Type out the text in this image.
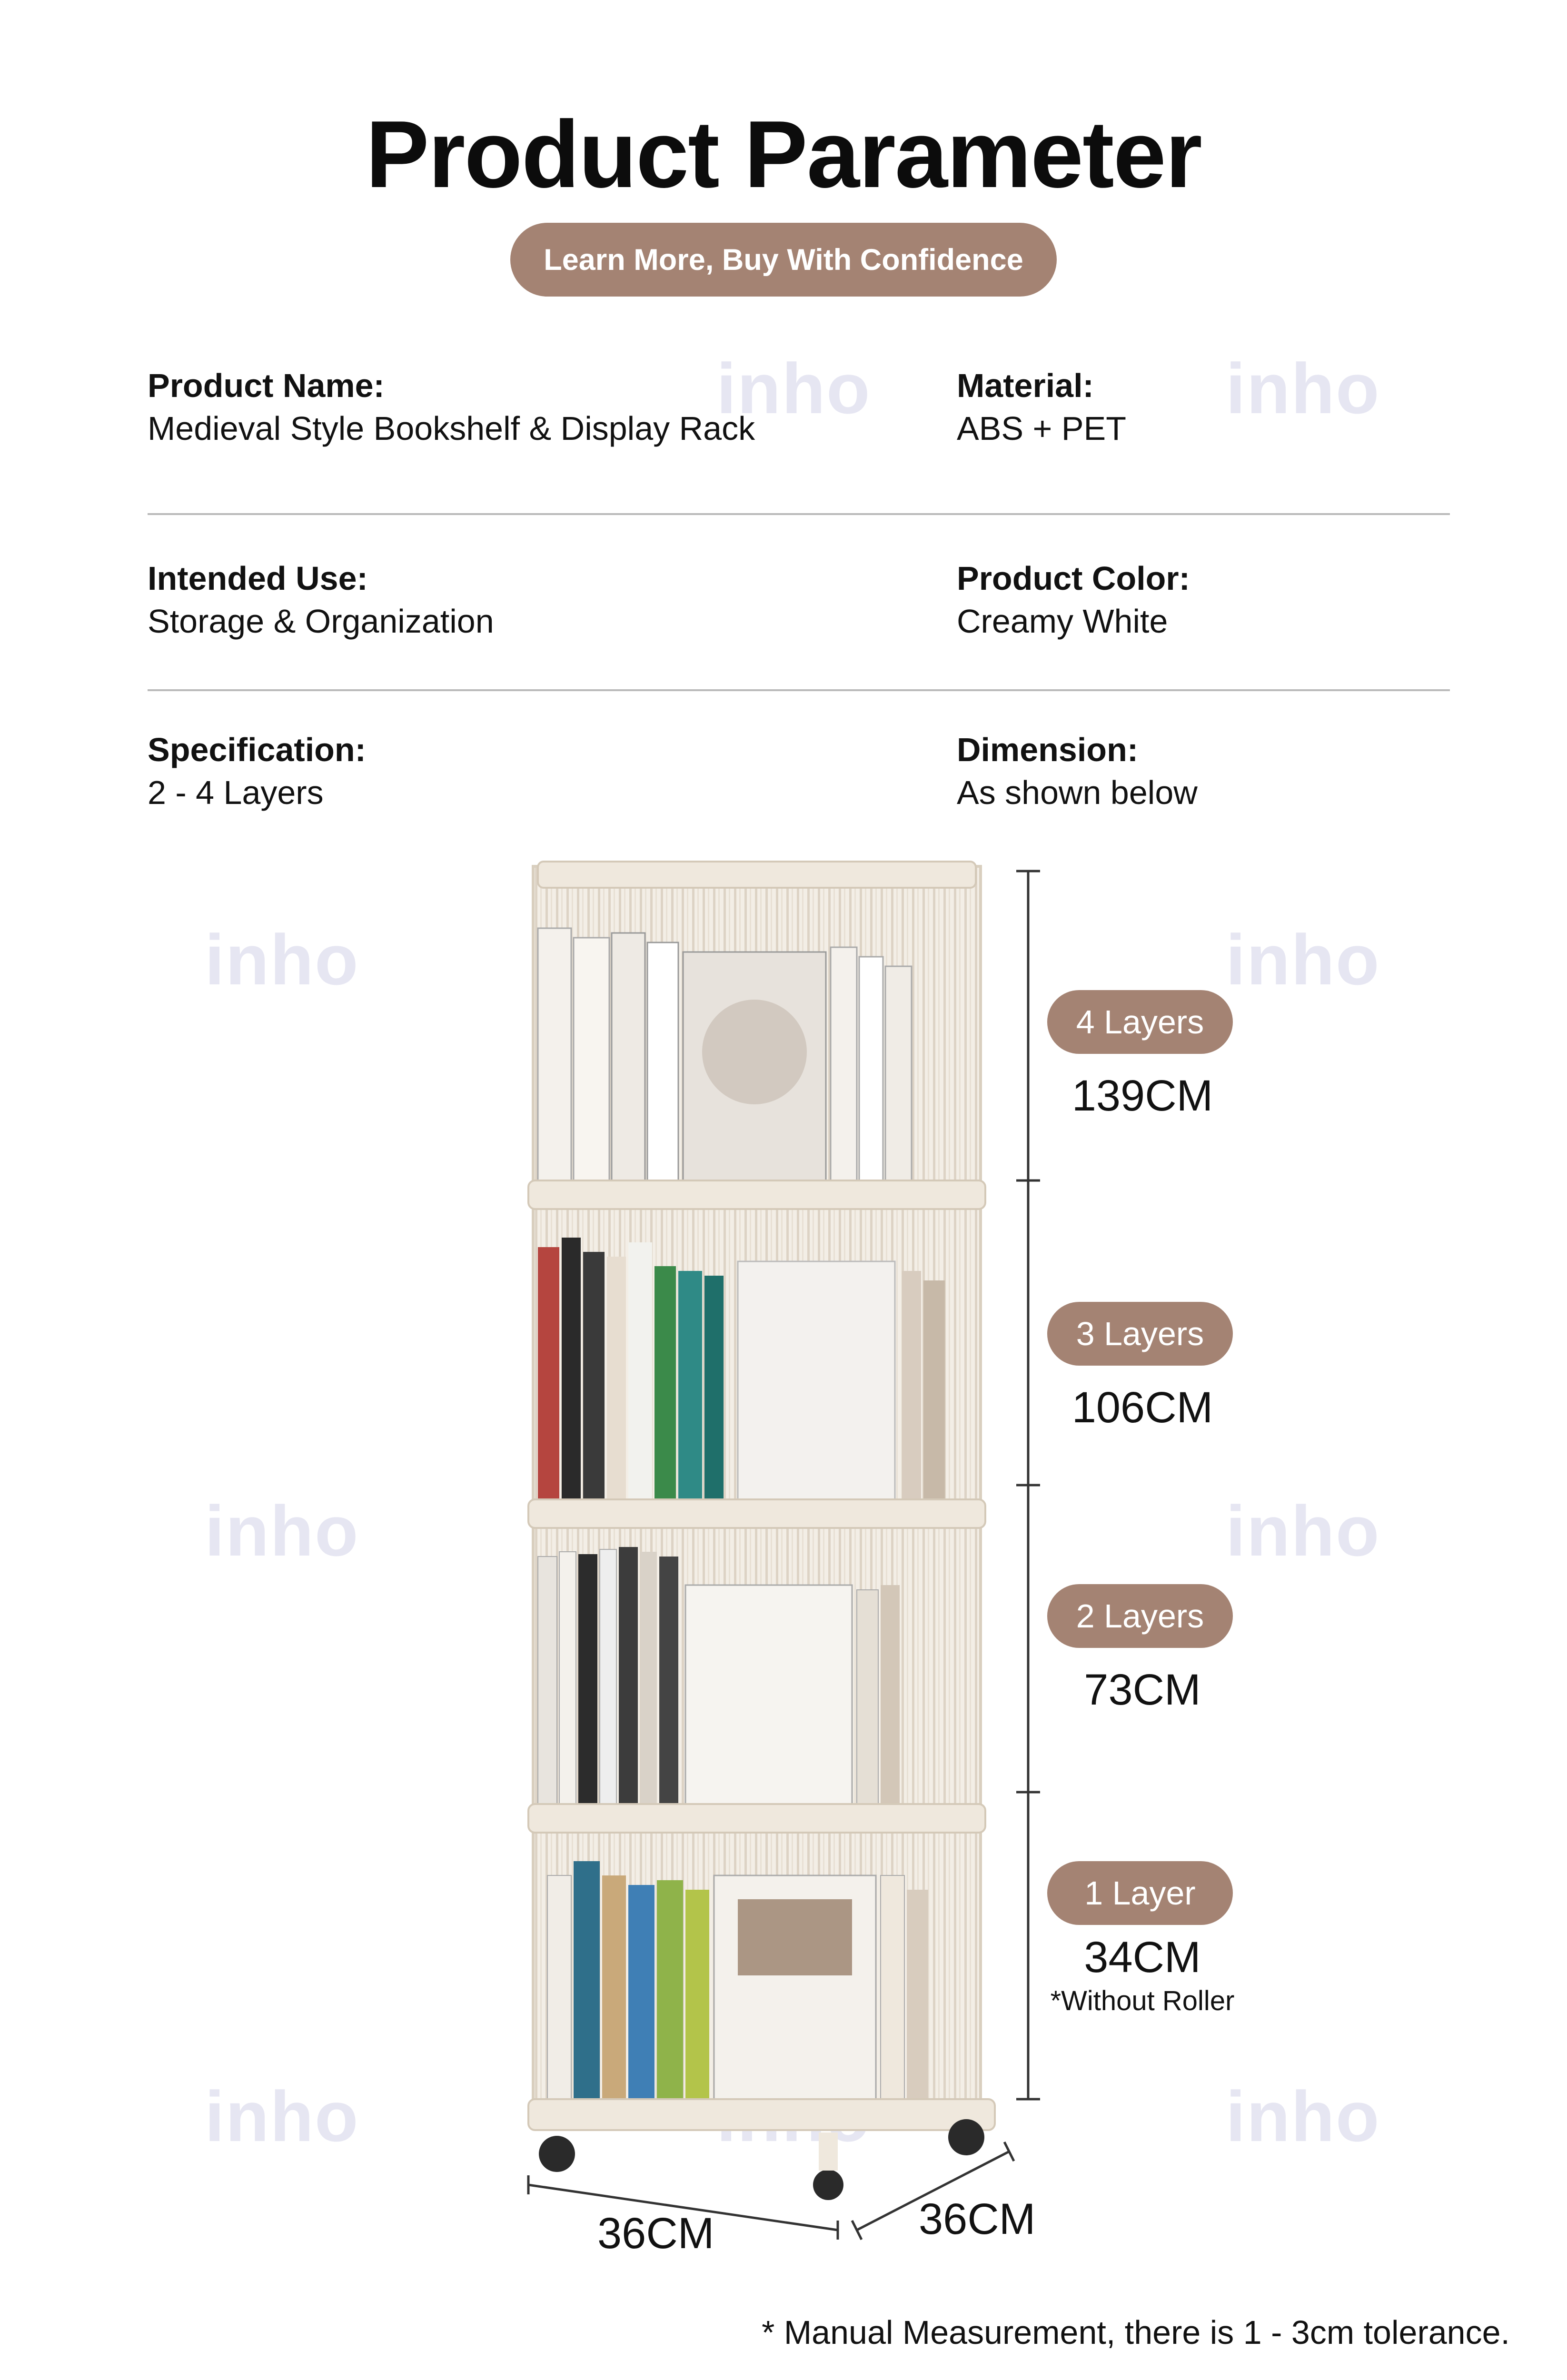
Product Parameter
Learn More, Buy With Confidence
inho	inho
inho	inho
inho	inho
inho	inho
Product Name:
Medieval Style Bookshelf & Display Rack
Material:
ABS + PET
Intended Use:
Storage & Organization
Product Color:
Creamy White
Specification:
2 - 4 Layers
Dimension:
As shown below
4 Layers
139CM
3 Layers
106CM
2 Layers
73CM
1 Layer
34CM
*Without Roller
36CM	36CM
* Manual Measurement, there is 1 - 3cm tolerance.
